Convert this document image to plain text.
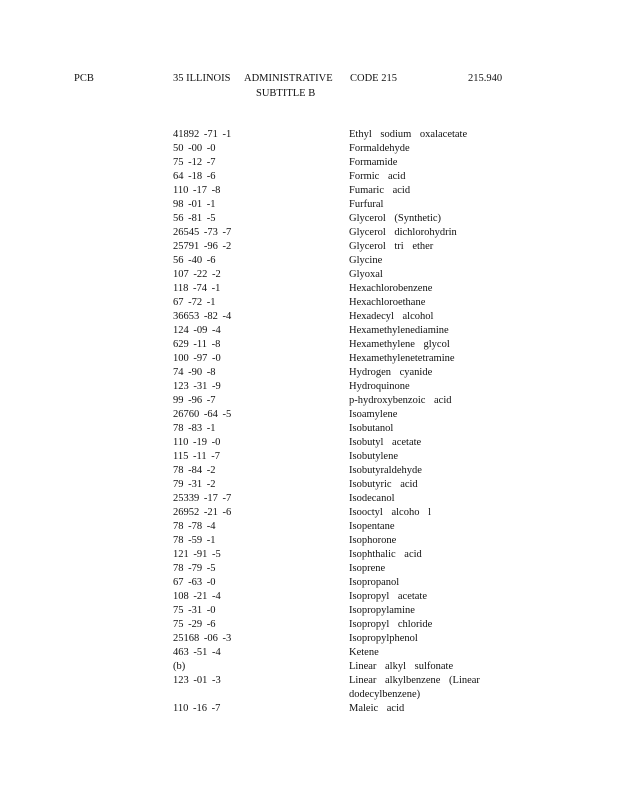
PCB	35 ILLINOIS ADMINISTRATIVE CODE 215	215.940
SUBTITLE B
41892 -71 -1	Ethyl sodium oxalacetate
50 -00 -0	Formaldehyde
75 -12 -7	Formamide
64 -18 -6	Formic acid
110 -17 -8	Fumaric acid
98 -01 -1	Furfural
56 -81 -5	Glycerol (Synthetic)
26545 -73 -7	Glycerol dichlorohydrin
25791 -96 -2	Glycerol tri ether
56 -40 -6	Glycine
107 -22 -2	Glyoxal
118 -74 -1	Hexachlorobenzene
67 -72 -1	Hexachloroethane
36653 -82 -4	Hexadecyl alcohol
124 -09 -4	Hexamethylenediamine
629 -11 -8	Hexamethylene glycol
100 -97 -0	Hexamethylenetetramine
74 -90 -8	Hydrogen cyanide
123 -31 -9	Hydroquinone
99 -96 -7	p-hydroxybenzoic acid
26760 -64 -5	Isoamylene
78 -83 -1	Isobutanol
110 -19 -0	Isobutyl acetate
115 -11 -7	Isobutylene
78 -84 -2	Isobutyraldehyde
79 -31 -2	Isobutyric acid
25339 -17 -7	Isodecanol
26952 -21 -6	Isooctyl alcoho l
78 -78 -4	Isopentane
78 -59 -1	Isophorone
121 -91 -5	Isophthalic acid
78 -79 -5	Isoprene
67 -63 -0	Isopropanol
108 -21 -4	Isopropyl acetate
75 -31 -0	Isopropylamine
75 -29 -6	Isopropyl chloride
25168 -06 -3	Isopropylphenol
463 -51 -4	Ketene
(b)	Linear alkyl sulfonate
123 -01 -3	Linear alkylbenzene (Linear dodecylbenzene)
110 -16 -7	Maleic acid
